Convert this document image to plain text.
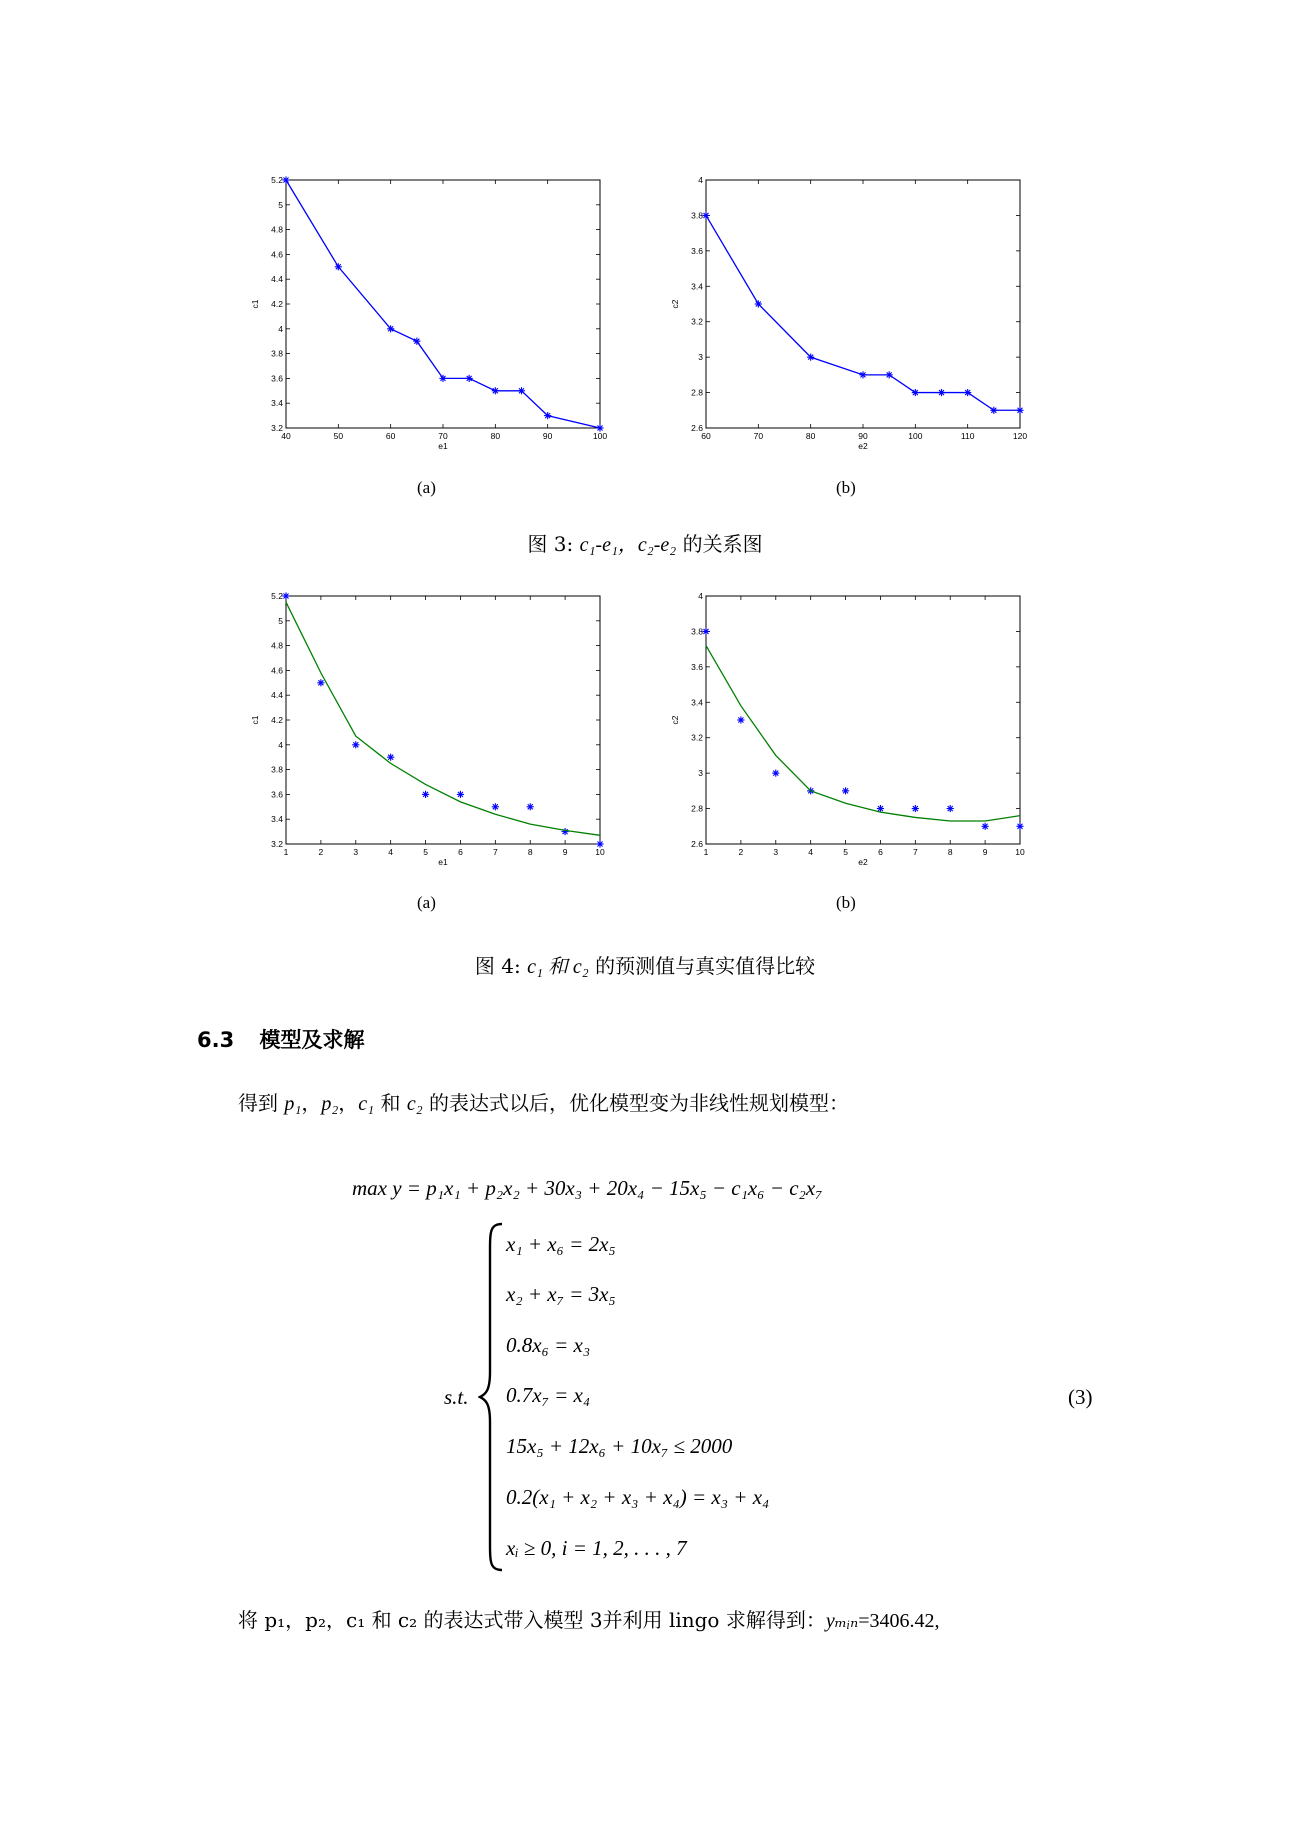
40	50	60	70	80	90	100
3.2
3.4
3.6
3.8
4
4.2
4.4
4.6
4.8
5
5.2
e1
c1
60	70	80	90	100	110	120
2.6
2.8
3
3.2
3.4
3.6
3.8
4
e2
c2
(a)	(b)
图 3: c₁-e₁，c₂-e₂ 的关系图
1	2	3	4	5	6	7	8	9	10
3.2
3.4
3.6
3.8
4
4.2
4.4
4.6
4.8
5
5.2
e1
c1
1	2	3	4	5	6	7	8	9	10
2.6
2.8
3
3.2
3.4
3.6
3.8
4
e2
c2
(a)	(b)
图 4: c₁ 和 c₂ 的预测值与真实值得比较
6.3 模型及求解
得到 p₁，p₂，c₁ 和 c₂ 的表达式以后，优化模型变为非线性规划模型：
max y = p₁x₁ + p₂x₂ + 30x₃ + 20x₄ − 15x₅ − c₁x₆ − c₂x₇
s.t.
x₁ + x₆ = 2x₅
x₂ + x₇ = 3x₅
0.8x₆ = x₃
0.7x₇ = x₄
15x₅ + 12x₆ + 10x₇ ≤ 2000
0.2(x₁ + x₂ + x₃ + x₄) = x₃ + x₄
xᵢ ≥ 0, i = 1, 2, . . . , 7
(3)
将 p₁，p₂，c₁ 和 c₂ 的表达式带入模型 3并利用 lingo 求解得到：yₘᵢₙ=3406.42,
